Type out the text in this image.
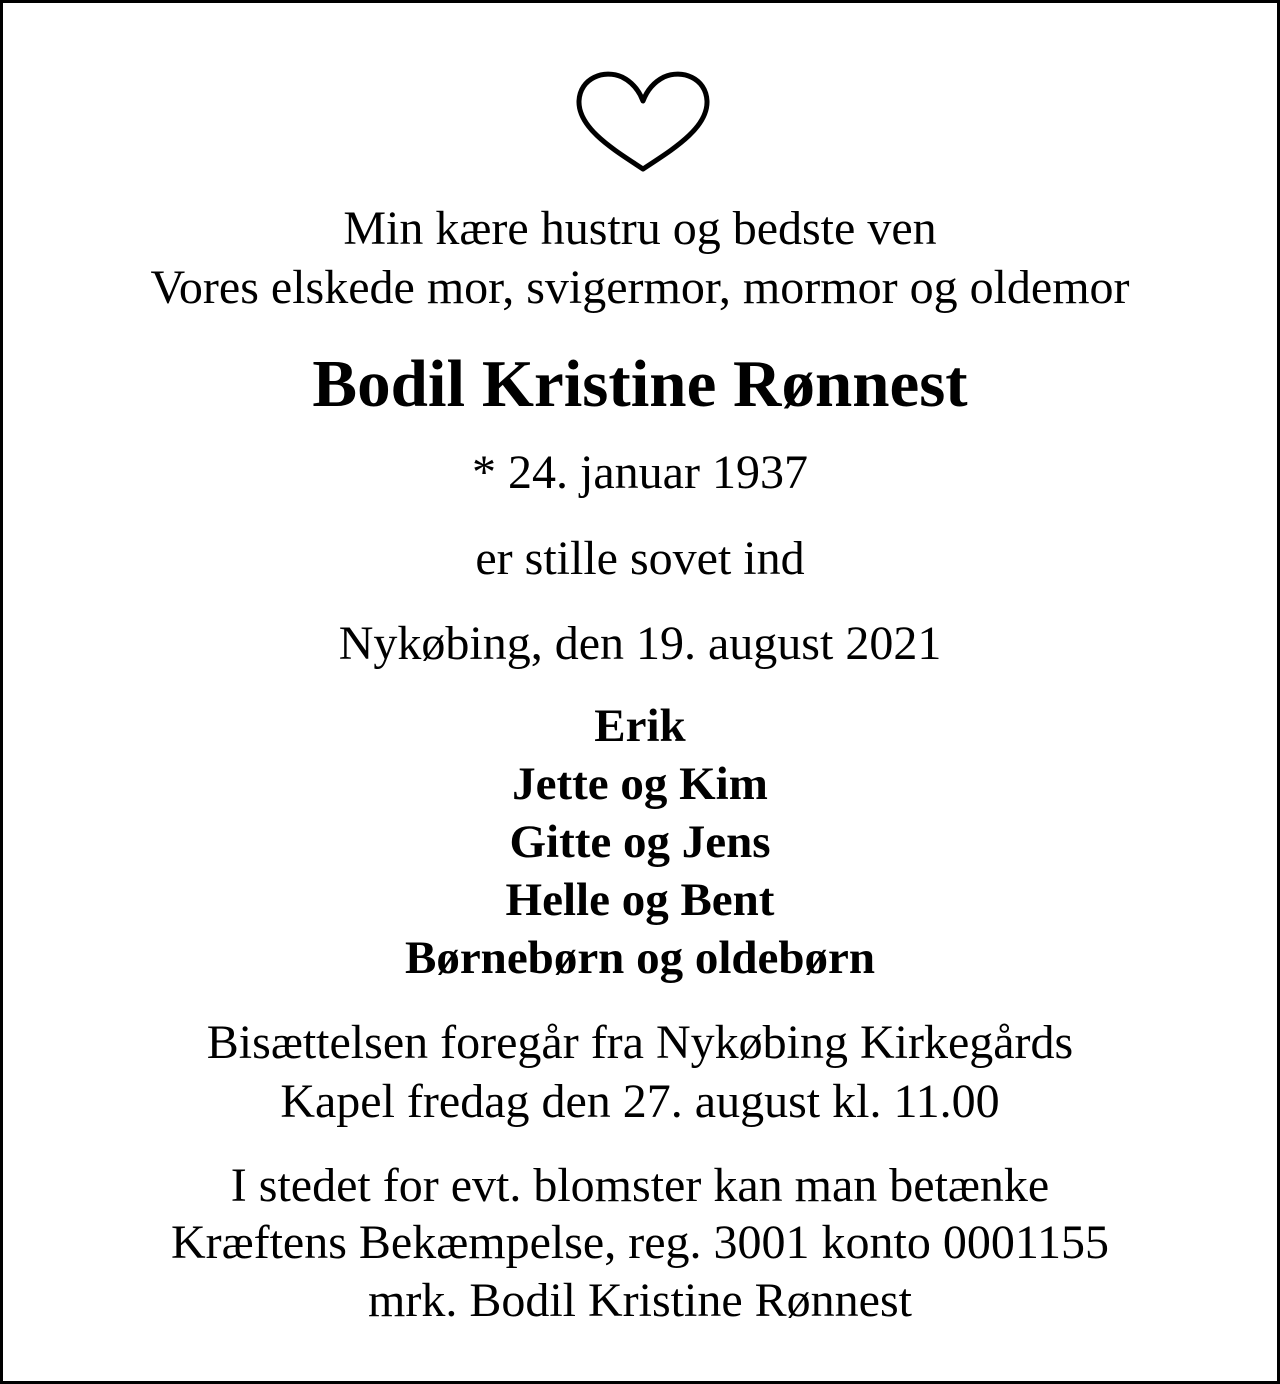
Min kære hustru og bedste ven
Vores elskede mor, svigermor, mormor og oldemor
Bodil Kristine Rønnest
* 24. januar 1937
er stille sovet ind
Nykøbing, den 19. august 2021
Erik
Jette og Kim
Gitte og Jens
Helle og Bent
Børnebørn og oldebørn
Bisættelsen foregår fra Nykøbing Kirkegårds
Kapel fredag den 27. august kl. 11.00
I stedet for evt. blomster kan man betænke
Kræftens Bekæmpelse, reg. 3001 konto 0001155
mrk. Bodil Kristine Rønnest
